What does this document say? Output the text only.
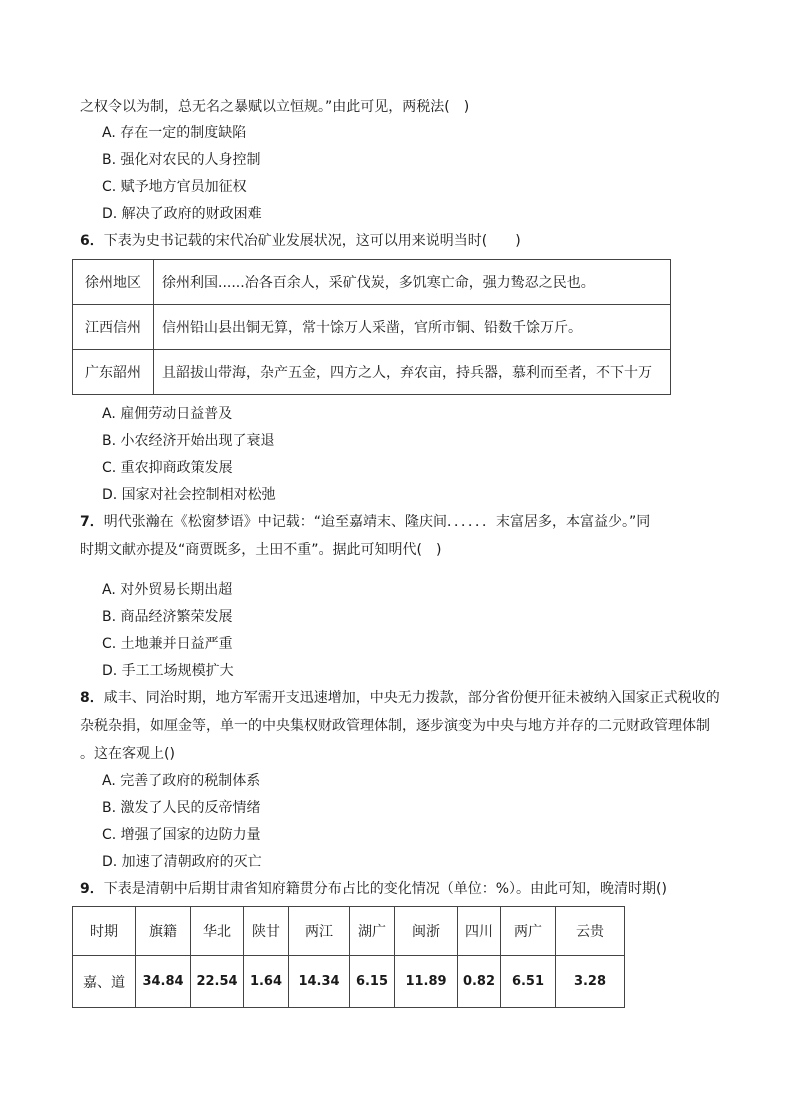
之权令以为制，总无名之暴赋以立恒规。”由此可见，两税法(　)
A. 存在一定的制度缺陷
B. 强化对农民的人身控制
C. 赋予地方官员加征权
D. 解决了政府的财政困难
6．下表为史书记载的宋代冶矿业发展状况，这可以用来说明当时(　　)
徐州地区	徐州利国......冶各百余人，采矿伐炭，多饥寒亡命，强力鸷忍之民也。
江西信州	信州铅山县出铜无算，常十馀万人采凿，官所市铜、铅数千馀万斤。
广东韶州	且韶拔山带海，杂产五金，四方之人，弃农亩，持兵器，慕利而至者，不下十万
A. 雇佣劳动日益普及
B. 小农经济开始出现了衰退
C. 重农抑商政策发展
D. 国家对社会控制相对松弛
7．明代张瀚在《松窗梦语》中记载：“迨至嘉靖末、隆庆间．．．．．．末富居多，本富益少。”同
时期文献亦提及“商贾既多，土田不重”。据此可知明代(　)
A. 对外贸易长期出超
B. 商品经济繁荣发展
C. 土地兼并日益严重
D. 手工工场规模扩大
8．咸丰、同治时期，地方军需开支迅速增加，中央无力拨款，部分省份便开征未被纳入国家正式税收的
杂税杂捐，如厘金等，单一的中央集权财政管理体制，逐步演变为中央与地方并存的二元财政管理体制
。这在客观上()
A. 完善了政府的税制体系
B. 激发了人民的反帝情绪
C. 增强了国家的边防力量
D. 加速了清朝政府的灭亡
9．下表是清朝中后期甘肃省知府籍贯分布占比的变化情况（单位：%）。由此可知，晚清时期()
时期	旗籍	华北	陕甘	两江	湖广	闽浙	四川	两广	云贵
嘉、道	34.84	22.54	1.64	14.34	6.15	11.89	0.82	6.51	3.28
